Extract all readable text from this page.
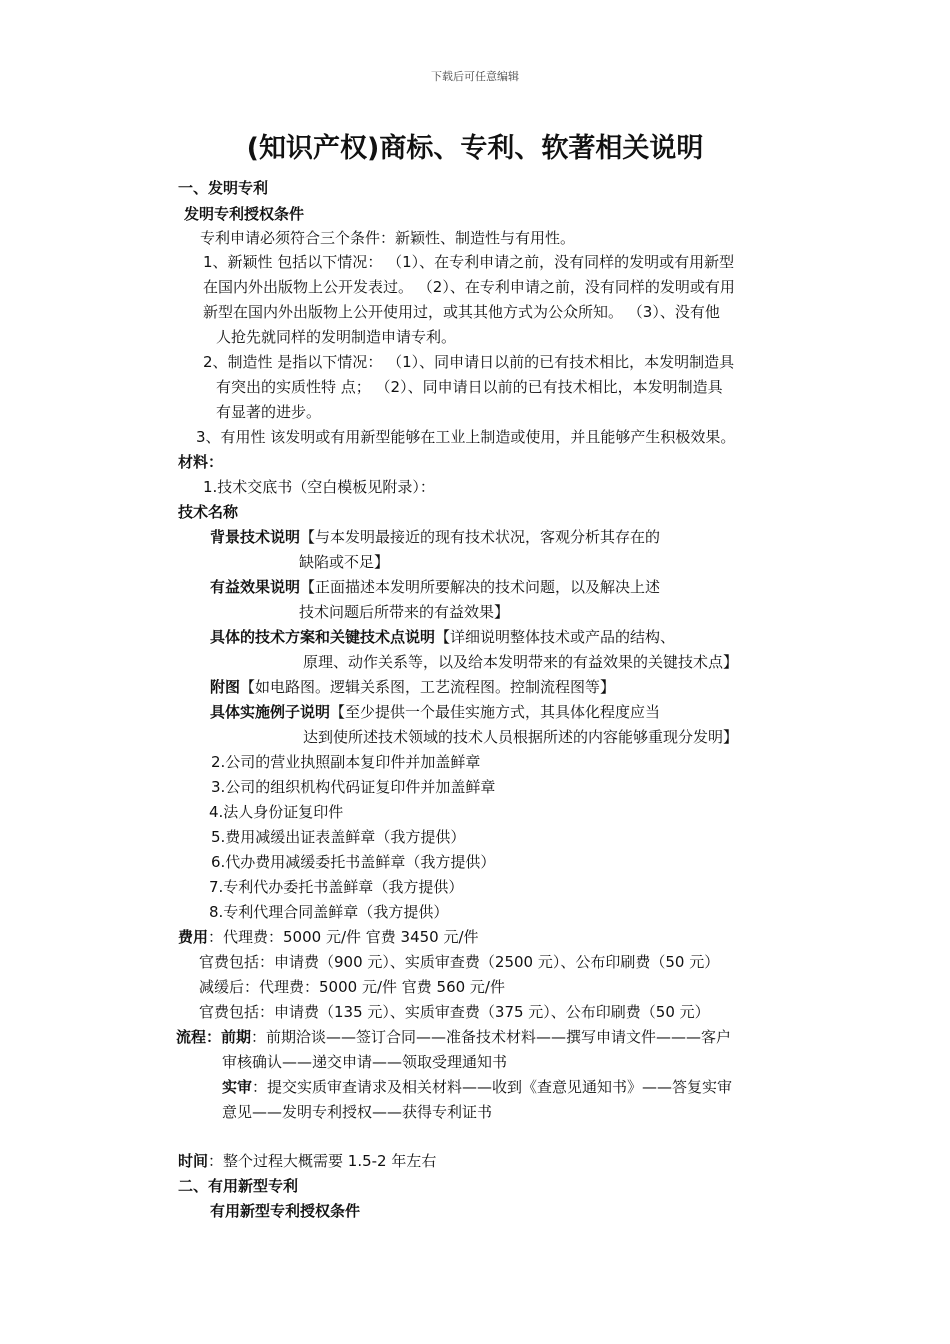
下载后可任意编辑
(知识产权)商标、专利、软著相关说明
一、发明专利
发明专利授权条件
专利申请必须符合三个条件：新颖性、制造性与有用性。
1、新颖性 包括以下情况： （1）、在专利申请之前，没有同样的发明或有用新型
在国内外出版物上公开发表过。 （2）、在专利申请之前，没有同样的发明或有用
新型在国内外出版物上公开使用过，或其其他方式为公众所知。 （3）、没有他
人抢先就同样的发明制造申请专利。
2、制造性 是指以下情况： （1）、同申请日以前的已有技术相比，本发明制造具
有突出的实质性特 点； （2）、同申请日以前的已有技术相比，本发明制造具
有显著的进步。
3、有用性 该发明或有用新型能够在工业上制造或使用，并且能够产生积极效果。
材料：
1.技术交底书（空白模板见附录）：
技术名称
背景技术说明【与本发明最接近的现有技术状况，客观分析其存在的
缺陷或不足】
有益效果说明【正面描述本发明所要解决的技术问题，以及解决上述
技术问题后所带来的有益效果】
具体的技术方案和关键技术点说明【详细说明整体技术或产品的结构、
原理、动作关系等，以及给本发明带来的有益效果的关键技术点】
附图【如电路图。逻辑关系图，工艺流程图。控制流程图等】
具体实施例子说明【至少提供一个最佳实施方式，其具体化程度应当
达到使所述技术领域的技术人员根据所述的内容能够重现分发明】
2.公司的营业执照副本复印件并加盖鲜章
3.公司的组织机构代码证复印件并加盖鲜章
4.法人身份证复印件
5.费用减缓出证表盖鲜章（我方提供）
6.代办费用减缓委托书盖鲜章（我方提供）
7.专利代办委托书盖鲜章（我方提供）
8.专利代理合同盖鲜章（我方提供）
费用：代理费：5000 元/件 官费 3450 元/件
官费包括：申请费（900 元）、实质审查费（2500 元）、公布印刷费（50 元）
减缓后：代理费：5000 元/件 官费 560 元/件
官费包括：申请费（135 元）、实质审查费（375 元）、公布印刷费（50 元）
流程：前期：前期洽谈——签订合同——准备技术材料——撰写申请文件———客户
审核确认——递交申请——领取受理通知书
实审：提交实质审查请求及相关材料——收到《查意见通知书》——答复实审
意见——发明专利授权——获得专利证书
时间：整个过程大概需要 1.5-2 年左右
二、有用新型专利
有用新型专利授权条件
